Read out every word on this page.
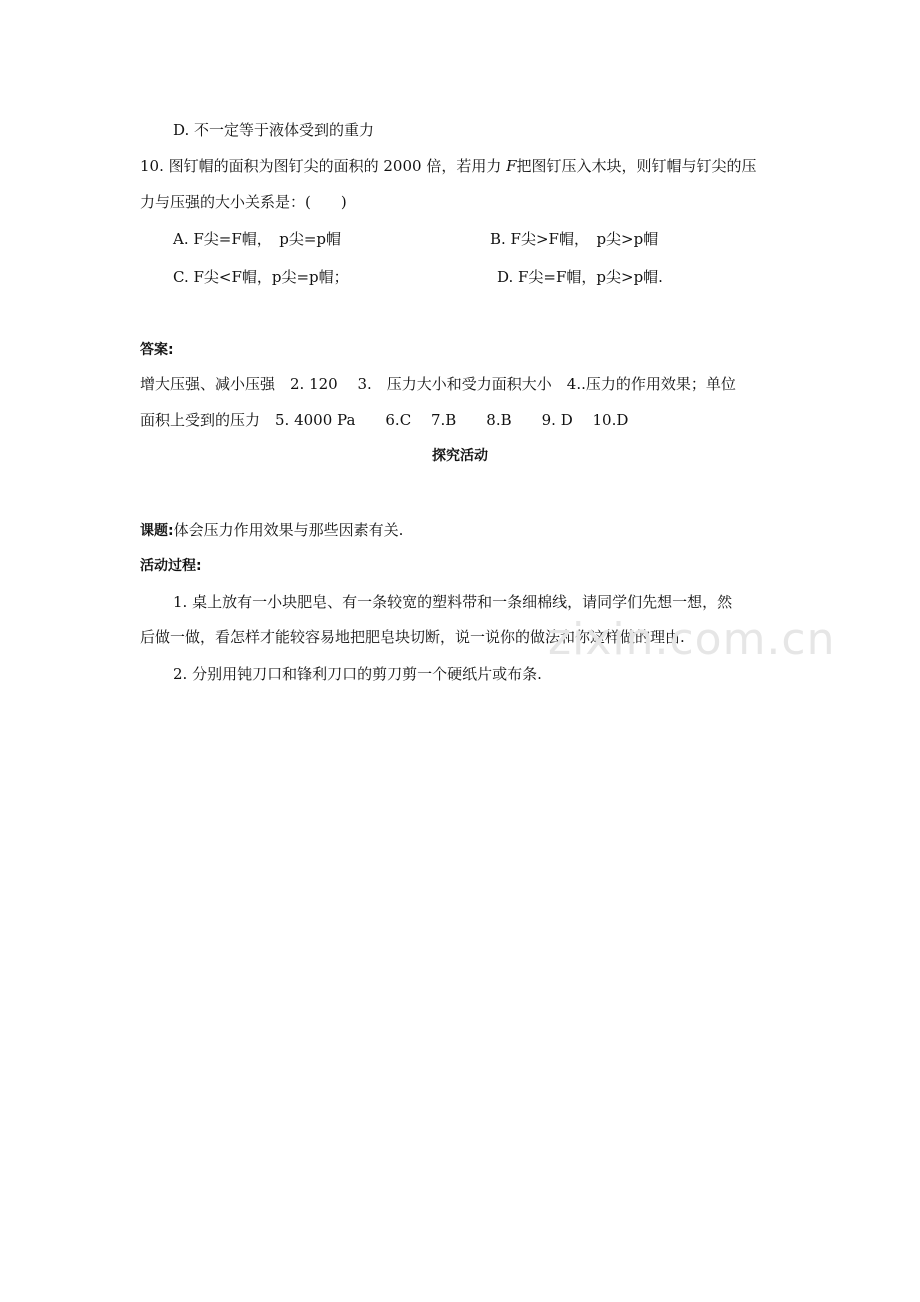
D. 不一定等于液体受到的重力
10. 图钉帽的面积为图钉尖的面积的 2000 倍，若用力 F把图钉压入木块，则钉帽与钉尖的压
力与压强的大小关系是：(　　)
A. F尖=F帽，　p尖=p帽	B. F尖>F帽，　p尖>p帽
C. F尖<F帽，p尖=p帽；	D. F尖=F帽，p尖>p帽.
答案:
增大压强、减小压强　2. 120　 3.　压力大小和受力面积大小　4..压力的作用效果；单位
面积上受到的压力　5. 4000 Pa　　6.C　 7.B　　8.B　　9. D　 10.D
探究活动
课题:体会压力作用效果与那些因素有关.
活动过程:
1. 桌上放有一小块肥皂、有一条较宽的塑料带和一条细棉线，请同学们先想一想，然
后做一做，看怎样才能较容易地把肥皂块切断，说一说你的做法和你这样做的理由.
2. 分别用钝刀口和锋利刀口的剪刀剪一个硬纸片或布条.
zixin.com.cn
